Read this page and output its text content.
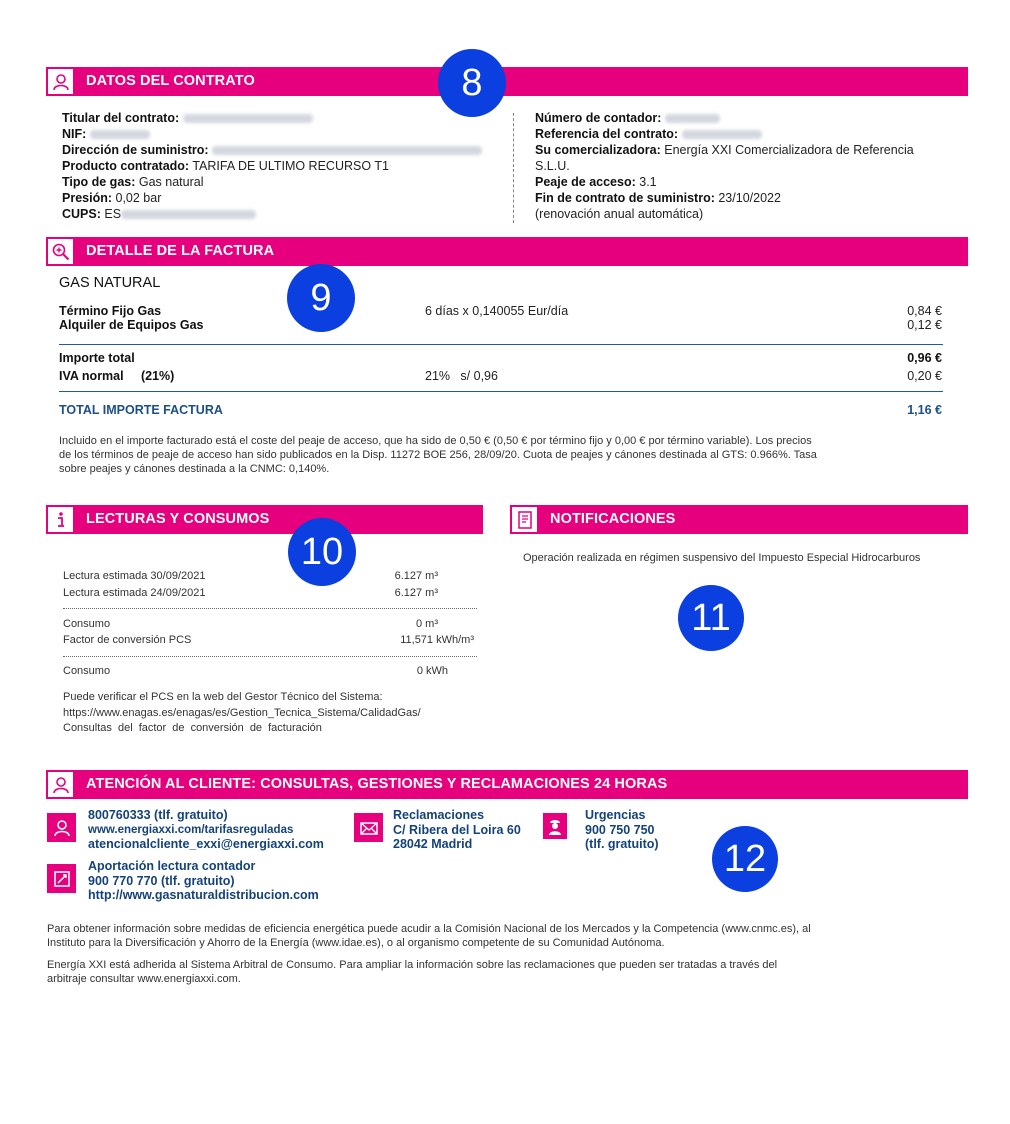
DATOS DEL CONTRATO	8
Titular del contrato:
NIF:
Dirección de suministro:
Producto contratado: TARIFA DE ULTIMO RECURSO T1
Tipo de gas: Gas natural
Presión: 0,02 bar
CUPS: ES
Número de contador:
Referencia del contrato:
Su comercializadora: Energía XXI Comercializadora de Referencia
S.L.U.
Peaje de acceso: 3.1
Fin de contrato de suministro: 23/10/2022
(renovación anual automática)
DETALLE DE LA FACTURA
9
GAS NATURAL
Término Fijo Gas	6 días x 0,140055 Eur/día	0,84 €
Alquiler de Equipos Gas	0,12 €
Importe total	0,96 €
IVA normal (21%)	21%   s/ 0,96	0,20 €
TOTAL IMPORTE FACTURA	1,16 €
Incluido en el importe facturado está el coste del peaje de acceso, que ha sido de 0,50 € (0,50 € por término fijo y 0,00 € por término variable). Los precios
de los términos de peaje de acceso han sido publicados en la Disp. 11272 BOE 256, 28/09/20. Cuota de peajes y cánones destinada al GTS: 0.966%. Tasa
sobre peajes y cánones destinada a la CNMC: 0,140%.
LECTURAS Y CONSUMOS
10
Lectura estimada 30/09/2021	6.127 m³
Lectura estimada 24/09/2021	6.127 m³
Consumo	0 m³
Factor de conversión PCS	11,571 kWh/m³
Consumo	0 kWh
Puede verificar el PCS en la web del Gestor Técnico del Sistema:
https://www.enagas.es/enagas/es/Gestion_Tecnica_Sistema/CalidadGas/
Consultas del factor de conversión de facturación
NOTIFICACIONES
Operación realizada en régimen suspensivo del Impuesto Especial Hidrocarburos
11
ATENCIÓN AL CLIENTE: CONSULTAS, GESTIONES Y RECLAMACIONES 24 HORAS
800760333 (tlf. gratuito)
www.energiaxxi.com/tarifasreguladas
atencionalcliente_exxi@energiaxxi.com
Reclamaciones
C/ Ribera del Loira 60
28042 Madrid
Urgencias
900 750 750
(tlf. gratuito)	12
Aportación lectura contador
900 770 770 (tlf. gratuito)
http://www.gasnaturaldistribucion.com
Para obtener información sobre medidas de eficiencia energética puede acudir a la Comisión Nacional de los Mercados y la Competencia (www.cnmc.es), al
Instituto para la Diversificación y Ahorro de la Energía (www.idae.es), o al organismo competente de su Comunidad Autónoma.
Energía XXI está adherida al Sistema Arbitral de Consumo. Para ampliar la información sobre las reclamaciones que pueden ser tratadas a través del
arbitraje consultar www.energiaxxi.com.
